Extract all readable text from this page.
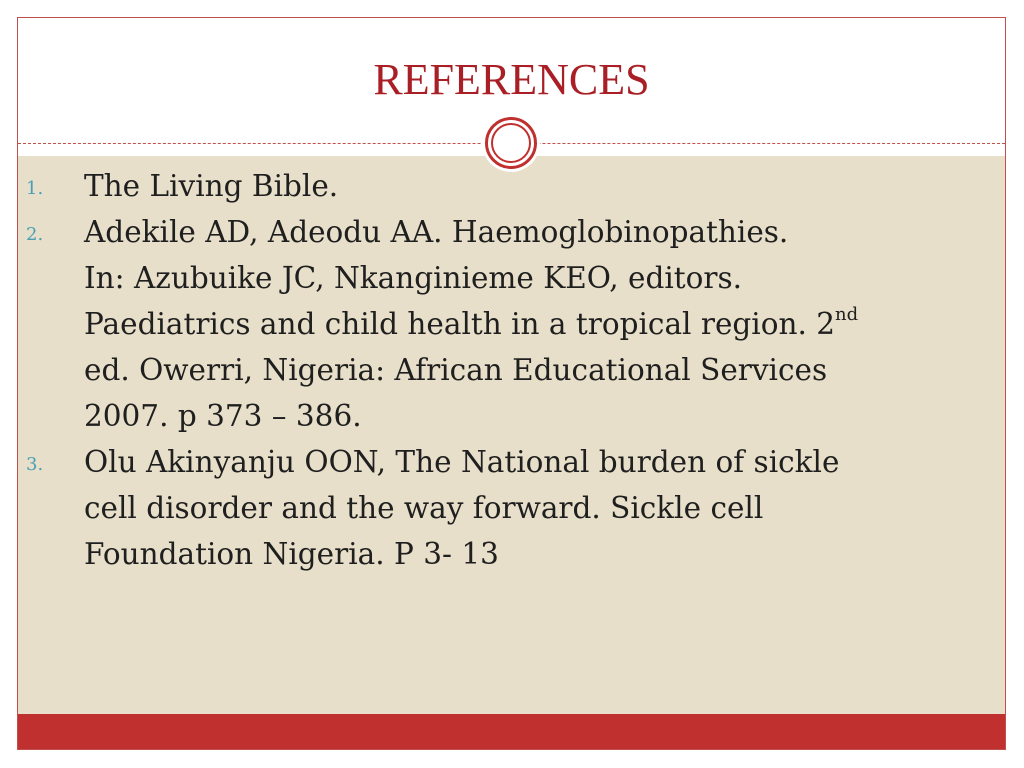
REFERENCES
1. The Living Bible.
2. Adekile AD, Adeodu AA. Haemoglobinopathies.
In: Azubuike JC, Nkanginieme KEO, editors.
Paediatrics and child health in a tropical region. 2nd
ed. Owerri, Nigeria: African Educational Services
2007. p 373 – 386.
3. Olu Akinyanju OON, The National burden of sickle
cell disorder and the way forward. Sickle cell
Foundation Nigeria. P 3- 13
